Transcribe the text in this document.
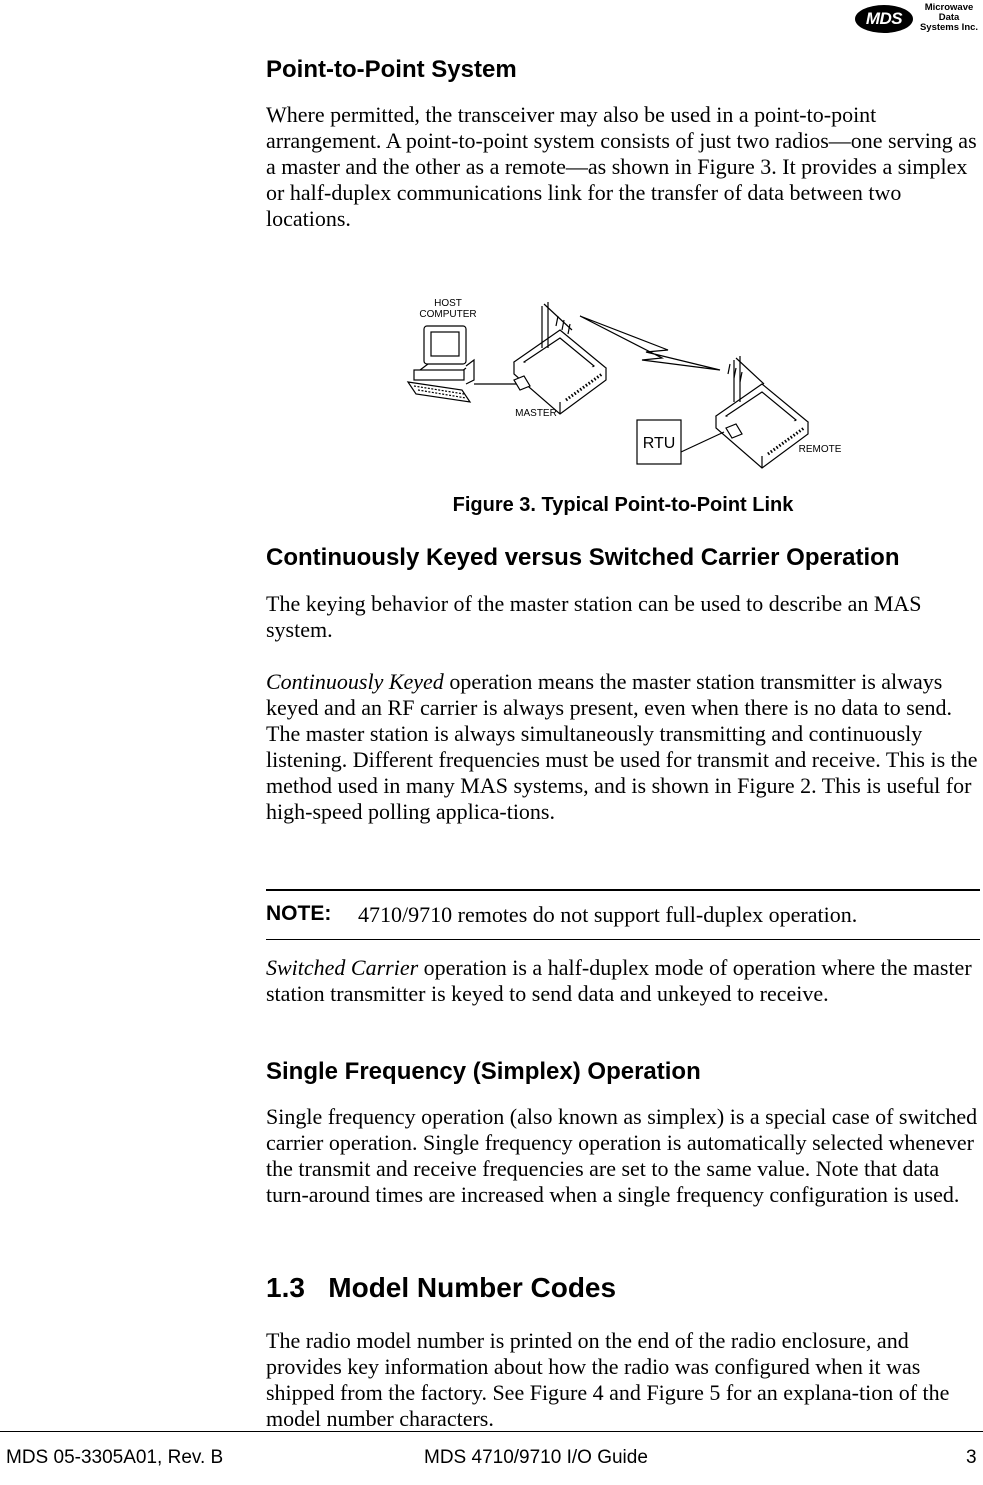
MDS
Microwave
Data
Systems Inc.
Point-to-Point System

Where permitted, the transceiver may also be used in a point-to-point arrangement. A point-to-point system consists of just two radios—one serving as a master and the other as a remote—as shown in Figure 3. It provides a simplex or half-duplex communications link for the transfer of data between two locations.

HOST
COMPUTER
MASTER
RTU	REMOTE
Figure 3. Typical Point-to-Point Link
Continuously Keyed versus Switched Carrier Operation

The keying behavior of the master station can be used to describe an MAS system.

Continuously Keyed operation means the master station transmitter is always keyed and an RF carrier is always present, even when there is no data to send. The master station is always simultaneously transmitting and continuously listening. Different frequencies must be used for transmit and receive. This is the method used in many MAS systems, and is shown in Figure 2. This is useful for high-speed polling applica-tions.

NOTE: 4710/9710 remotes do not support full-duplex operation.

Switched Carrier operation is a half-duplex mode of operation where the master station transmitter is keyed to send data and unkeyed to receive.

Single Frequency (Simplex) Operation

Single frequency operation (also known as simplex) is a special case of switched carrier operation. Single frequency operation is automatically selected whenever the transmit and receive frequencies are set to the same value. Note that data turn-around times are increased when a single frequency configuration is used.

1.3   Model Number Codes

The radio model number is printed on the end of the radio enclosure, and provides key information about how the radio was configured when it was shipped from the factory. See Figure 4 and Figure 5 for an explana-tion of the model number characters.

MDS 05-3305A01, Rev. B	MDS 4710/9710 I/O Guide	3
